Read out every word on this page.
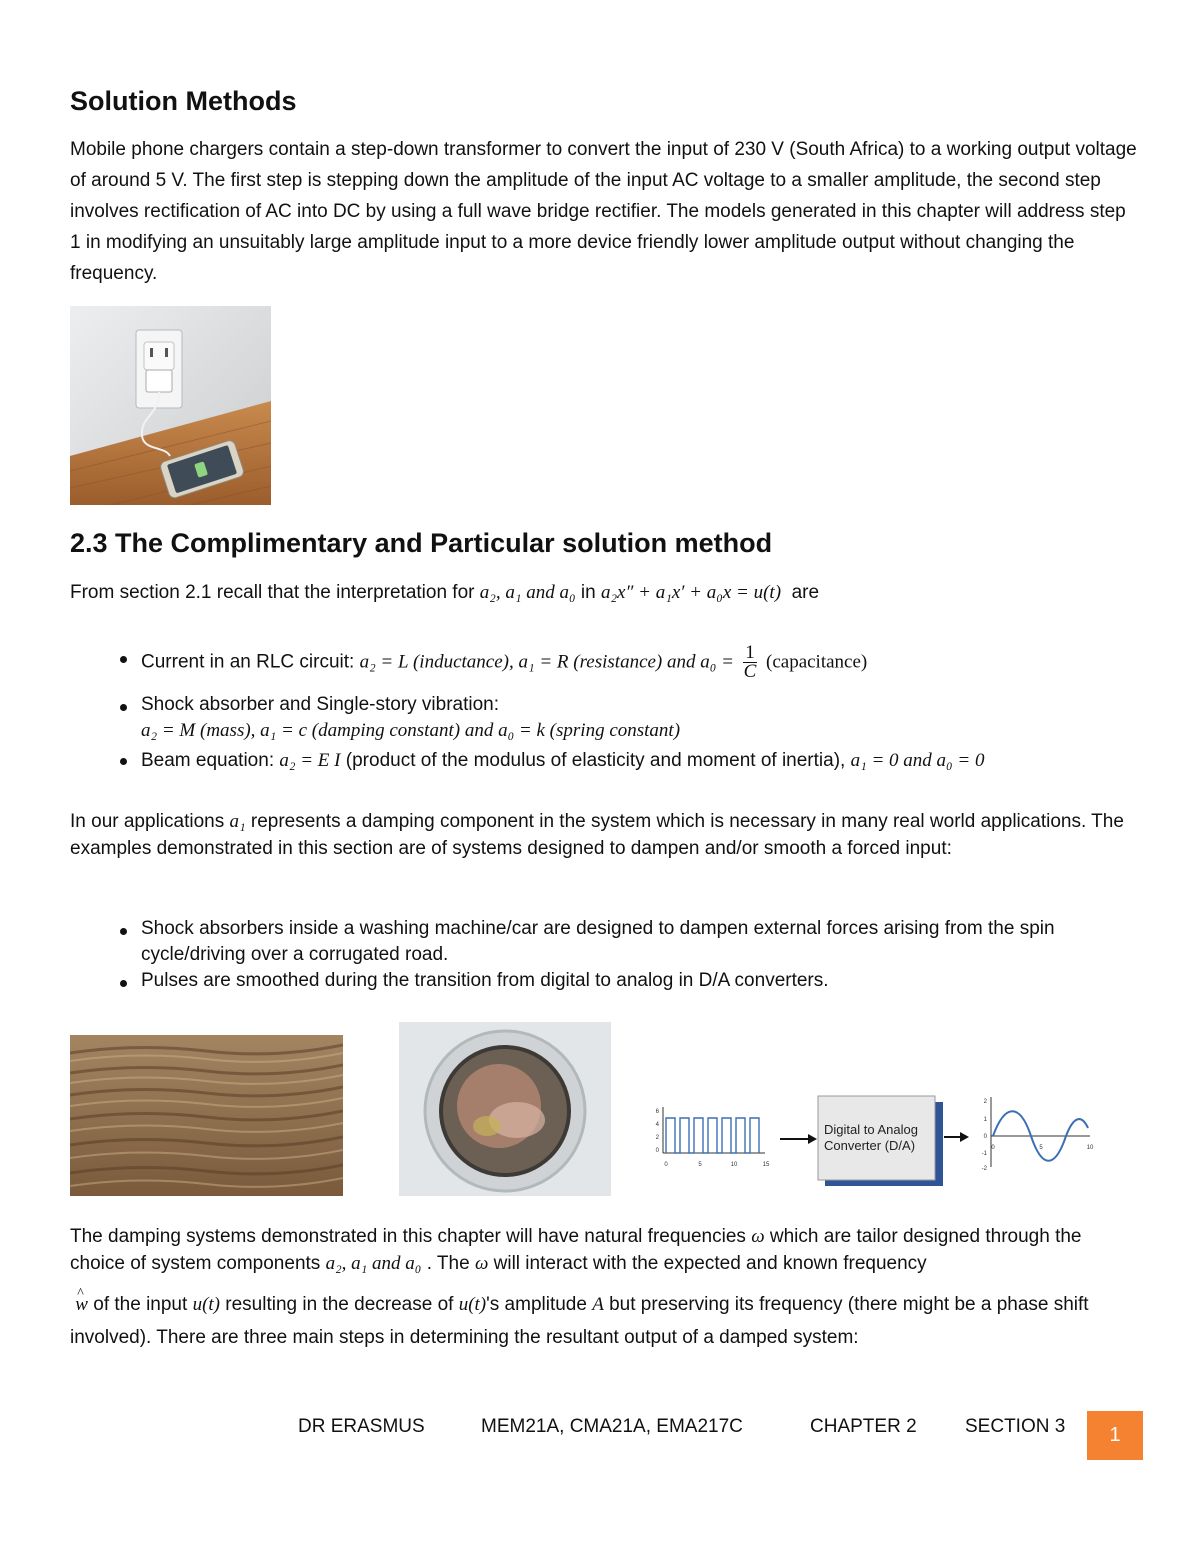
Solution Methods

Mobile phone chargers contain a step-down transformer to convert the input of 230 V (South Africa) to a working output voltage of around 5 V. The first step is stepping down the amplitude of the input AC voltage to a smaller amplitude, the second step involves rectification of AC into DC by using a full wave bridge rectifier. The models generated in this chapter will address step 1 in modifying an unsuitably large amplitude input to a more device friendly lower amplitude output without changing the frequency.

2.3 The Complimentary and Particular solution method
From section 2.1 recall that the interpretation for a₂, a₁ and a₀ in a₂x″ + a₁x′ + a₀x = u(t) are
Current in an RLC circuit: a₂ = L (inductance), a₁ = R (resistance) and $a_0 = \frac{1}{C}$ (capacitance)
Shock absorber and Single-story vibration:
a₂ = M (mass), a₁ = c (damping constant) and a₀ = k (spring constant)
Beam equation: a₂ = E I (product of the modulus of elasticity and moment of inertia), a₁ = 0 and a₀ = 0
In our applications a₁ represents a damping component in the system which is necessary in many real world applications. The examples demonstrated in this section are of systems designed to dampen and/or smooth a forced input:
Shock absorbers inside a washing machine/car are designed to dampen external forces arising from the spin cycle/driving over a corrugated road.
Pulses are smoothed during the transition from digital to analog in D/A converters.
6
4
2
0
0	5	10	15
Digital to Analog
Converter (D/A)
2
1
0
-1
-2
0	5	10
The damping systems demonstrated in this chapter will have natural frequencies ω which are tailor designed through the choice of system components a₂, a₁ and a₀ . The ω will interact with the expected and known frequency
^ w of the input u(t) resulting in the decrease of u(t)'s amplitude A but preserving its frequency (there might be a phase shift involved). There are three main steps in determining the resultant output of a damped system:
DR ERASMUS	MEM21A, CMA21A, EMA217C	CHAPTER 2	SECTION 3	1
